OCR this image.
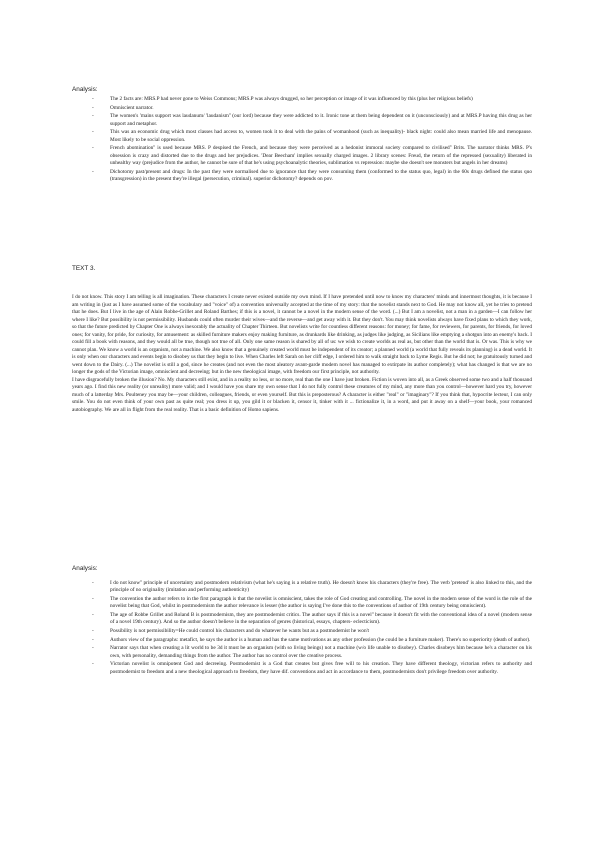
Analysis:
-	The 2 facts are: MRS.P had never gone to Weiss Commons; MRS.P was always drugged, so her perception or image of it was influenced by this (plus her religious beliefs)
-	Omniscient narrator.
-	The women's 'mains support was laudanum/ 'laudanism'' (our lord) because they were addicted to it. Ironic tone at them being dependent on it (unconsciously) and at MRS.P having this drug as her support and metaphor.
-	This was an economic drug which most classes had access to, women took it to deal with the pains of womanhood (such as inequality)- black night: could also mean married life and menopause. Most likely to be social oppression.
-	French abomination'' is used because MRS. P despised the French, and because they were perceived as a hedonist immoral society compared to civilised'' Brits. The narrator thinks MRS. P's obsession is crazy and distorted due to the drugs and her prejudices. 'Dear Beecham' implies sexually charged images. 2 library scenes: Freud, the return of the repressed (sexuality) liberated in unhealthy way (prejudice from the author, he cannot be sure of that he's using psychoanalytic theories, sublimation vs repression: maybe she doesn't see monsters but angels in her dreams)
-	Dichotomy past/present and drugs: In the past they were normalised due to ignorance that they were consuming them (conformed to the status quo, legal) in the 60s drugs defined the status quo (transgression) in the present they're illegal (persecution, criminal). superior dichotomy? depends on pov.
TEXT 3.

I do not know. This story I am telling is all imagination. These characters I create never existed outside my own mind. If I have pretended until now to know my characters' minds and innermost thoughts, it is because I am writing in (just as I have assumed some of the vocabulary and "voice" of) a convention universally accepted at the time of my story: that the novelist stands next to God. He may not know all, yet he tries to pretend that he does. But I live in the age of Alain Robbe-Grillet and Roland Barthes; if this is a novel, it cannot be a novel in the modern sense of the word. (...) But I am a novelist, not a man in a garden—I can follow her where I like? But possibility is not permissibility. Husbands could often murder their wives—and the reverse—and get away with it. But they don't. You may think novelists always have fixed plans to which they work, so that the future predicted by Chapter One is always inexorably the actuality of Chapter Thirteen. But novelists write for countless different reasons: for money; for fame, for reviewers, for parents, for friends, for loved ones; for vanity, for pride, for curiosity, for amusement: as skilled furniture makers enjoy making furniture, as drunkards like drinking, as judges like judging, as Sicilians like emptying a shotgun into an enemy's back. I could fill a book with reasons, and they would all be true, though not true of all. Only one same reason is shared by all of us: we wish to create worlds as real as, but other than the world that is. Or was. This is why we cannot plan. We know a world is an organism, not a machine. We also know that a genuinely created world must be independent of its creator; a planned world (a world that fully reveals its planning) is a dead world. It is only when our characters and events begin to disobey us that they begin to live. When Charles left Sarah on her cliff edge, I ordered him to walk straight back to Lyme Regis. But he did not; he gratuitously turned and went down to the Dairy. (...) The novelist is still a god, since he creates (and not even the most aleatory avant-garde modern novel has managed to extirpate its author completely); what has changed is that we are no longer the gods of the Victorian image, omniscient and decreeing; but in the new theological image, with freedom our first principle, not authority.

I have disgracefully broken the illusion? No. My characters still exist, and in a reality no less, or no more, real than the one I have just broken. Fiction is woven into all, as a Greek observed some two and a half thousand years ago. I find this new reality (or unreality) more valid; and I would have you share my own sense that I do not fully control these creatures of my mind, any more than you control—however hard you try, however much of a latterday Mrs. Poulteney you may be—your children, colleagues, friends, or even yourself. But this is preposterous? A character is either "real" or "imaginary"? If you think that, hypocrite lecteur, I can only smile. You do not even think of your own past as quite real; you dress it up, you gild it or blacken it, censor it, tinker with it ... fictionalize it, in a word, and put it away on a shelf—your book, your romanced autobiography. We are all in flight from the real reality. That is a basic definition of Homo sapiens.

Analysis:
-	I do not know'' principle of uncertainty and postmodern relativism (what he's saying is a relative truth). He doesn't know his characters (they're free). The verb 'pretend' is also linked to this, and the principle of no originality (imitation and performing authenticity)
-	The convention the author refers to in the first paragraph is that the novelist is omniscient, takes the role of God creating and controlling. The novel in the modern sense of the word is the role of the novelist being that God, whilst in postmodernism the author relevance is lesser (the author is saying I've done this to the conventions of author of 19th century being omniscient).
-	The age of Robbe Grillet and Roland B is postmodernism, they are postmodernist critics. The author says if this is a novel'' because it doesn't fit with the conventional idea of a novel (modern sense of a novel 19th century). And so the author doesn't believe in the separation of genres (historical, essays, chapters- eclecticism).
-	Possibility is not permissibility=He could control his characters and do whatever he wants but as a postmodernist he won't
-	Authors view of the paragraphs: metafict, he says the author is a human and has the same motivations as any other profession (he could be a furniture maker). There's no superiority (death of author).
-	Narrator says that when creating a lit world to be 3d it must be an organism (with so living beings) not a machine (w/o life unable to disobey). Charles disobeys him because he's a character on his own, with personality, demanding things from the author. The author has no control over the creative process.
-	Victorian novelist is omnipotent God and decreeing. Postmodernist is a God that creates but gives free will to his creation. They have different theology, victorian refers to authority and postmodernist to freedom and a new theological approach to freedom, they have dif. conventions and act in accordance to them, postmodernists don't privilege freedom over authority.
